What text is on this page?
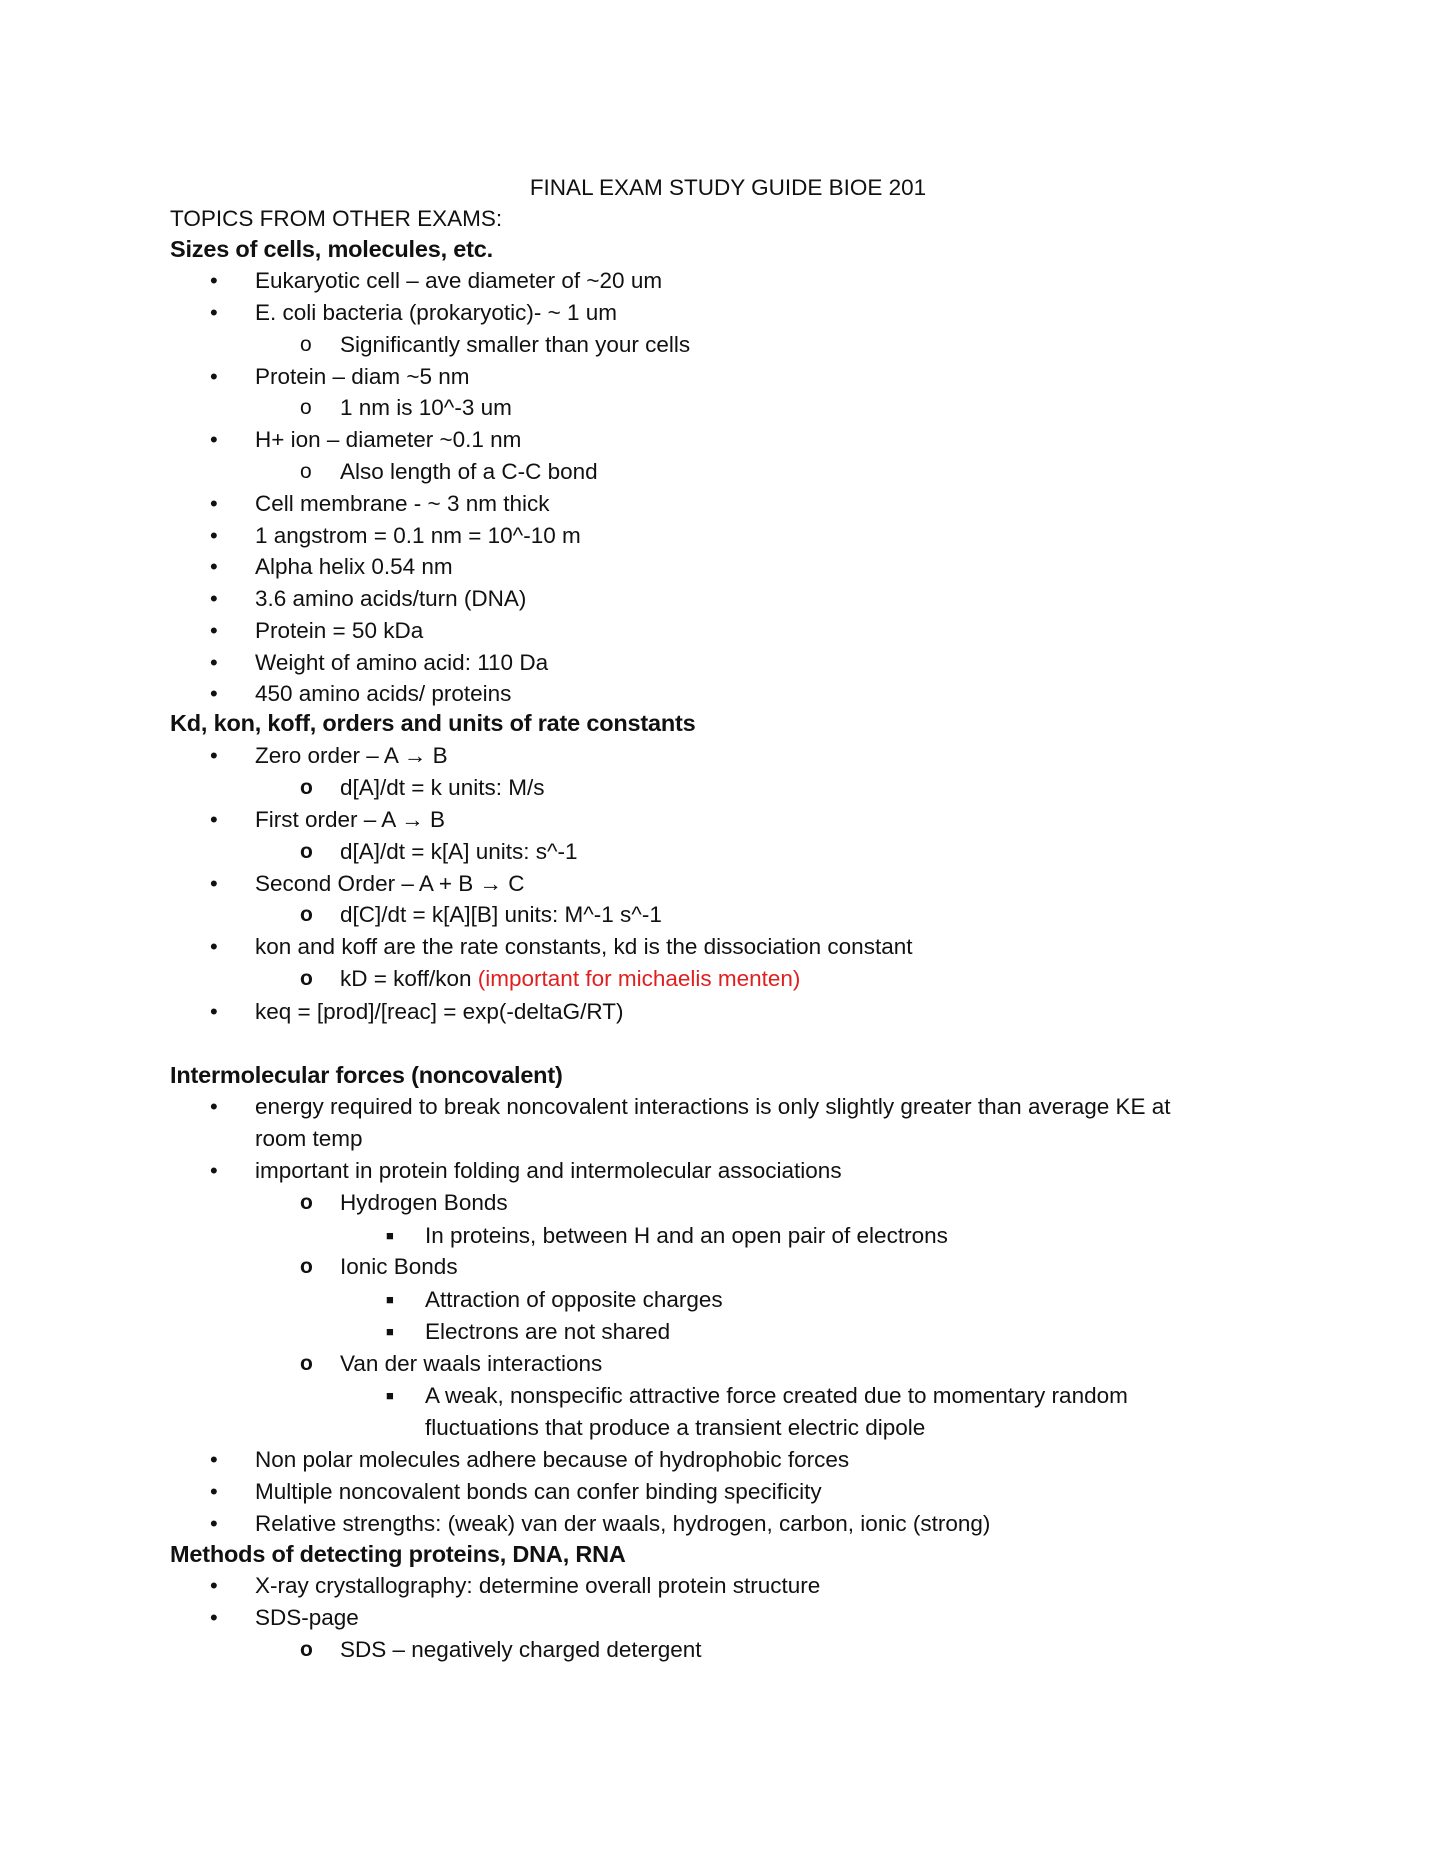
FINAL EXAM STUDY GUIDE BIOE 201
TOPICS FROM OTHER EXAMS:
Sizes of cells, molecules, etc.
• Eukaryotic cell – ave diameter of ~20 um
• E. coli bacteria (prokaryotic)- ~ 1 um
o Significantly smaller than your cells
• Protein – diam ~5 nm
o 1 nm is 10^-3 um
• H+ ion – diameter ~0.1 nm
o Also length of a C-C bond
• Cell membrane - ~ 3 nm thick
• 1 angstrom = 0.1 nm = 10^-10 m
• Alpha helix 0.54 nm
• 3.6 amino acids/turn (DNA)
• Protein = 50 kDa
• Weight of amino acid: 110 Da
• 450 amino acids/ proteins
Kd, kon, koff, orders and units of rate constants
• Zero order – A → B
o d[A]/dt = k units: M/s
• First order – A → B
o d[A]/dt = k[A] units: s^-1
• Second Order – A + B → C
o d[C]/dt = k[A][B] units: M^-1 s^-1
• kon and koff are the rate constants, kd is the dissociation constant
o kD = koff/kon (important for michaelis menten)
• keq = [prod]/[reac] = exp(-deltaG/RT)
Intermolecular forces (noncovalent)
• energy required to break noncovalent interactions is only slightly greater than average KE at
room temp
• important in protein folding and intermolecular associations
o Hydrogen Bonds
■ In proteins, between H and an open pair of electrons
o Ionic Bonds
■ Attraction of opposite charges
■ Electrons are not shared
o Van der waals interactions
■ A weak, nonspecific attractive force created due to momentary random
fluctuations that produce a transient electric dipole
• Non polar molecules adhere because of hydrophobic forces
• Multiple noncovalent bonds can confer binding specificity
• Relative strengths: (weak) van der waals, hydrogen, carbon, ionic (strong)
Methods of detecting proteins, DNA, RNA
• X-ray crystallography: determine overall protein structure
• SDS-page
o SDS – negatively charged detergent
